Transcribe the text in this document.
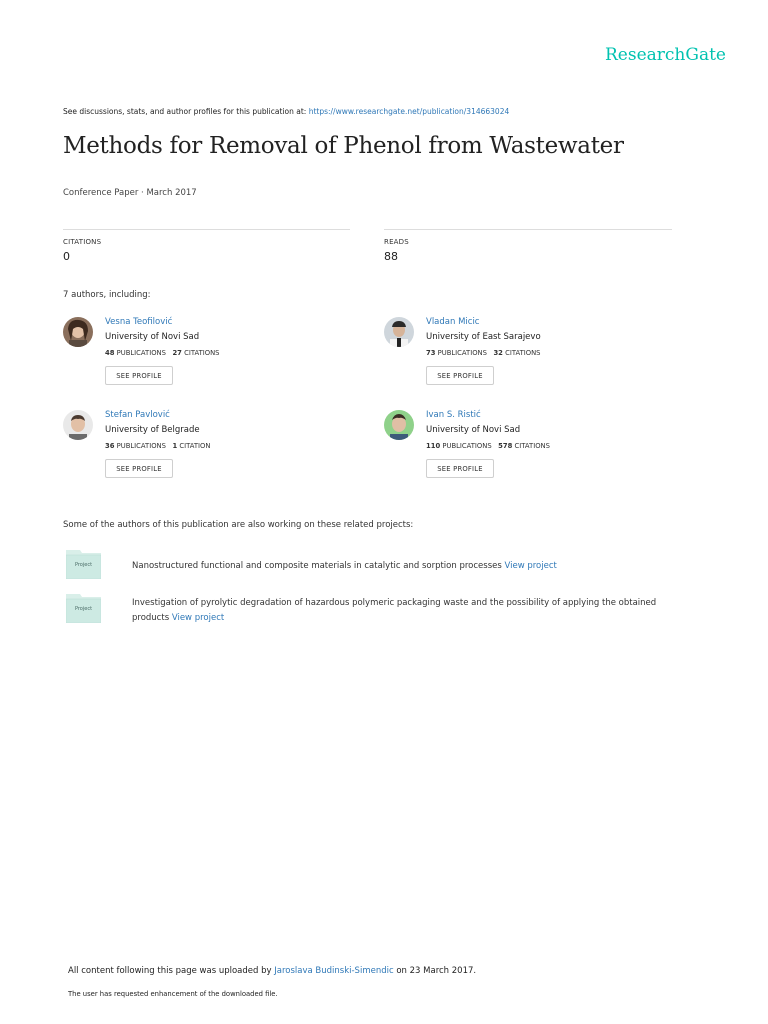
ResearchGate
See discussions, stats, and author profiles for this publication at: https://www.researchgate.net/publication/314663024
Methods for Removal of Phenol from Wastewater
Conference Paper · March 2017
CITATIONS
0
READS
88
7 authors, including:
Vesna Teofilović
University of Novi Sad
48 PUBLICATIONS 27 CITATIONS
SEE PROFILE
Vladan Micic
University of East Sarajevo
73 PUBLICATIONS 32 CITATIONS
SEE PROFILE
Stefan Pavlović
University of Belgrade
36 PUBLICATIONS 1 CITATION
SEE PROFILE
Ivan S. Ristić
University of Novi Sad
110 PUBLICATIONS 578 CITATIONS
SEE PROFILE
Some of the authors of this publication are also working on these related projects:
Project	Nanostructured functional and composite materials in catalytic and sorption processes View project
Project
Investigation of pyrolytic degradation of hazardous polymeric packaging waste and the possibility of applying the obtained products View project
All content following this page was uploaded by Jaroslava Budinski-Simendic on 23 March 2017.
The user has requested enhancement of the downloaded file.
